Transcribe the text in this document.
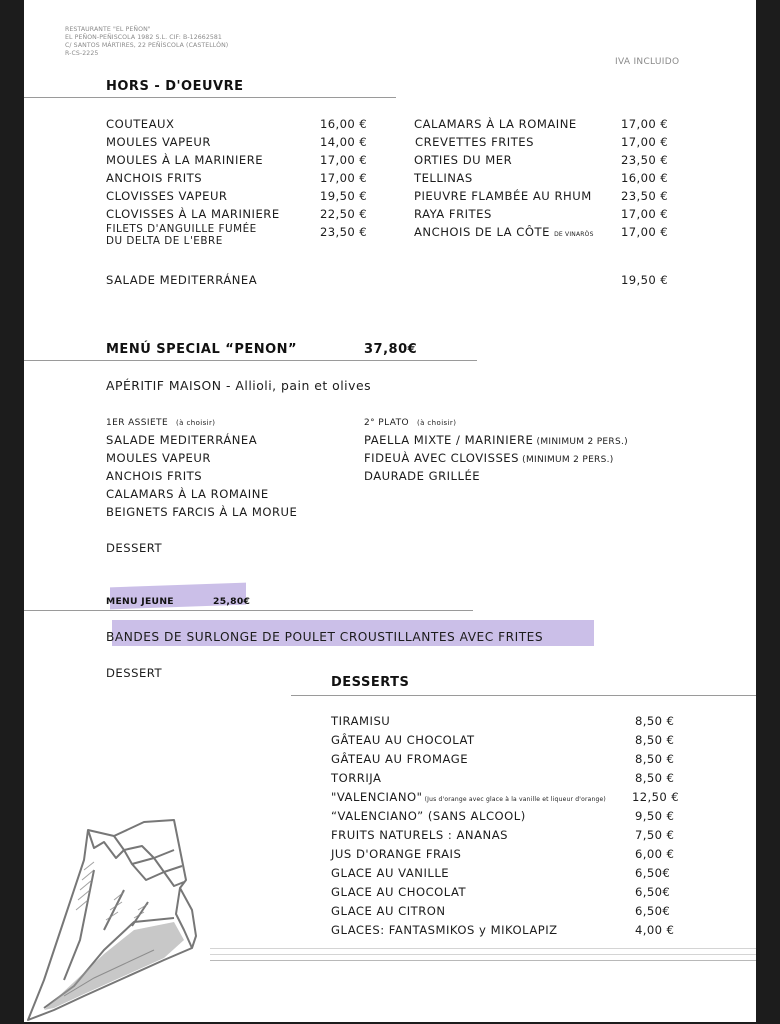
RESTAURANTE "EL PEÑON"
EL PEÑON-PEÑISCOLA 1982 S.L. CIF: B-12662581
C/ SANTOS MÁRTIRES, 22 PEÑÍSCOLA (CASTELLÓN)
R-CS-2225
IVA INCLUIDO
HORS - D'OEUVRE
COUTEAUX	16,00 €
MOULES VAPEUR	14,00 €
MOULES À LA MARINIERE	17,00 €
ANCHOIS FRITS	17,00 €
CLOVISSES VAPEUR	19,50 €
CLOVISSES À LA MARINIERE	22,50 €
FILETS D'ANGUILLE FUMÉE
DU DELTA DE L'EBRE
23,50 €
CALAMARS À LA ROMAINE	17,00 €
CREVETTES FRITES	17,00 €
ORTIES DU MER	23,50 €
TELLINAS	16,00 €
PIEUVRE FLAMBÉE AU RHUM	23,50 €
RAYA FRITES	17,00 €
ANCHOIS DE LA CÔTE DE VINARÒS 17,00 €
SALADE MEDITERRÁNEA	19,50 €
MENÚ SPECIAL “PENON”	37,80€
APÉRITIF MAISON - Allioli, pain et olives
1ER ASSIETE (à choisir)
SALADE MEDITERRÁNEA
MOULES VAPEUR
ANCHOIS FRITS
CALAMARS À LA ROMAINE
BEIGNETS FARCIS À LA MORUE
2° PLATO (à choisir)
PAELLA MIXTE / MARINIERE (MINIMUM 2 PERS.)
FIDEUÀ AVEC CLOVISSES (MINIMUM 2 PERS.)
DAURADE GRILLÉE
DESSERT
MENU JEUNE	25,80€
BANDES DE SURLONGE DE POULET CROUSTILLANTES AVEC FRITES
DESSERT
DESSERTS
TIRAMISU	8,50 €
GÂTEAU AU CHOCOLAT	8,50 €
GÂTEAU AU FROMAGE	8,50 €
TORRIJA	8,50 €
"VALENCIANO" (Jus d'orange avec glace à la vanille et liqueur d'orange) 12,50 €
“VALENCIANO” (SANS ALCOOL)	9,50 €
FRUITS NATURELS : ANANAS	7,50 €
JUS D'ORANGE FRAIS	6,00 €
GLACE AU VANILLE	6,50€
GLACE AU CHOCOLAT	6,50€
GLACE AU CITRON	6,50€
GLACES: FANTASMIKOS y MIKOLAPIZ	4,00 €
